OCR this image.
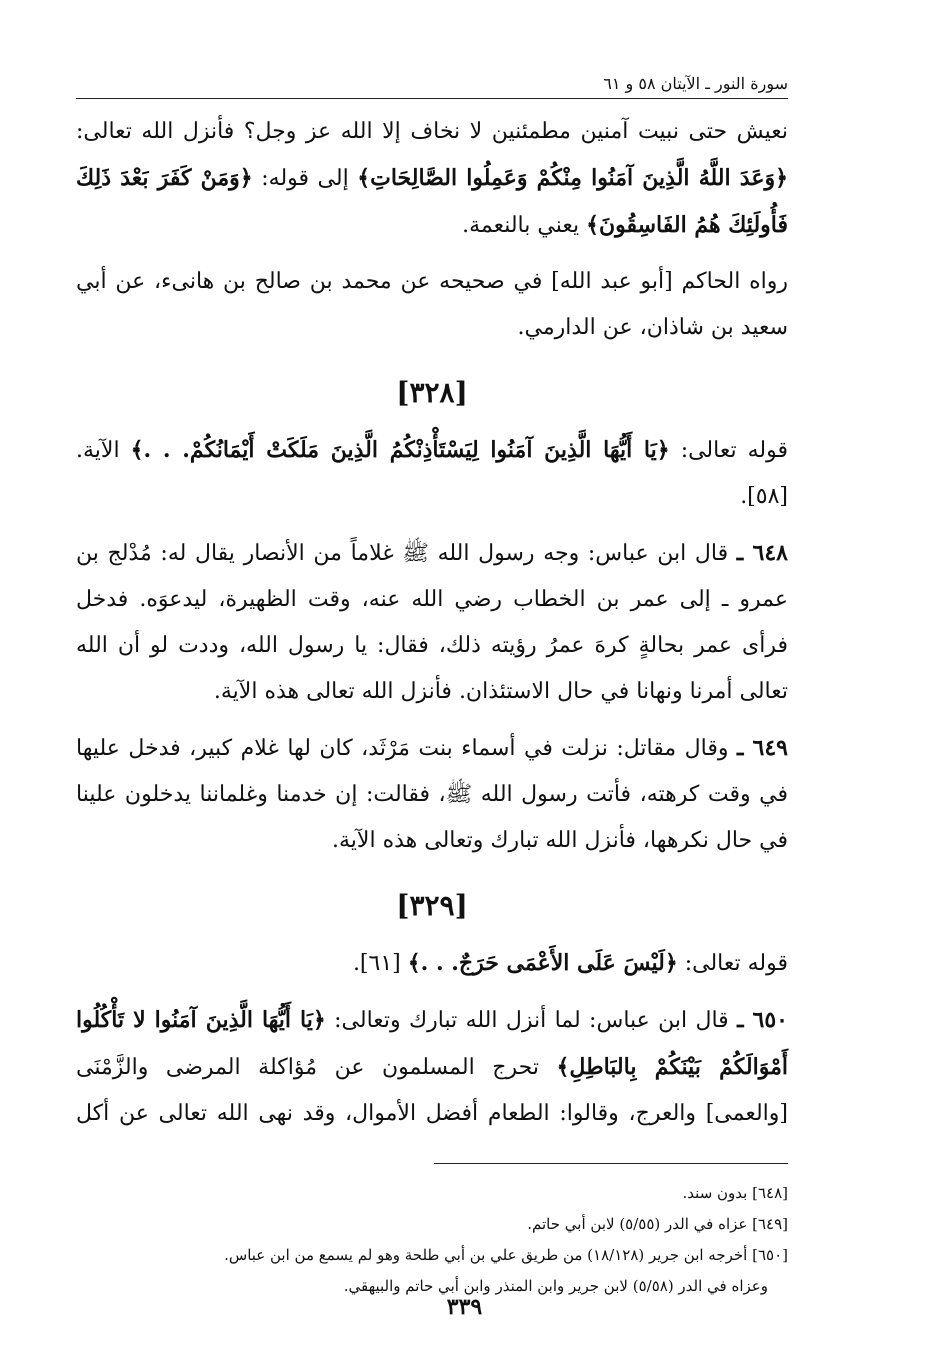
سورة النور ـ الآيتان ٥٨ و ٦١

نعيش حتى نبيت آمنين مطمئنين لا نخاف إلا الله عز وجل؟ فأنزل الله تعالى: ﴿وَعَدَ اللَّهُ الَّذِينَ آمَنُوا مِنْكُمْ وَعَمِلُوا الصَّالِحَاتِ﴾ إلى قوله: ﴿وَمَنْ كَفَرَ بَعْدَ ذَلِكَ فَأُولَئِكَ هُمُ الفَاسِقُونَ﴾ يعني بالنعمة.

رواه الحاكم [أبو عبد الله] في صحيحه عن محمد بن صالح بن هانىء، عن أبي سعيد بن شاذان، عن الدارمي.

[٣٢٨]

قوله تعالى: ﴿يَا أَيُّهَا الَّذِينَ آمَنُوا لِيَسْتَأْذِنْكُمُ الَّذِينَ مَلَكَتْ أَيْمَانُكُمْ. . .﴾ الآية. [٥٨].

٦٤٨ ـ قال ابن عباس: وجه رسول الله ﷺ غلاماً من الأنصار يقال له: مُدْلج بن عمرو ـ إلى عمر بن الخطاب رضي الله عنه، وقت الظهيرة، ليدعوَه. فدخل فرأى عمر بحالةٍ كرهَ عمرُ رؤيته ذلك، فقال: يا رسول الله، وددت لو أن الله تعالى أمرنا ونهانا في حال الاستئذان. فأنزل الله تعالى هذه الآية.

٦٤٩ ـ وقال مقاتل: نزلت في أسماء بنت مَرْثَد، كان لها غلام كبير، فدخل عليها في وقت كرهته، فأتت رسول الله ﷺ، فقالت: إن خدمنا وغلماننا يدخلون علينا في حال نكرهها، فأنزل الله تبارك وتعالى هذه الآية.

[٣٢٩]

قوله تعالى: ﴿لَيْسَ عَلَى الأَعْمَى حَرَجٌ. . .﴾ [٦١].

٦٥٠ ـ قال ابن عباس: لما أنزل الله تبارك وتعالى: ﴿يَا أَيُّهَا الَّذِينَ آمَنُوا لا تَأْكُلُوا أَمْوَالَكُمْ بَيْنَكُمْ بِالبَاطِلِ﴾ تحرج المسلمون عن مُؤاكلة المرضى والزَّمْنَى [والعمى] والعرج، وقالوا: الطعام أفضل الأموال، وقد نهى الله تعالى عن أكل

[٦٤٨] بدون سند.
[٦٤٩] عزاه في الدر (٥/٥٥) لابن أبي حاتم.
[٦٥٠] أخرجه ابن جرير (١٨/١٢٨) من طريق علي بن أبي طلحة وهو لم يسمع من ابن عباس.
وعزاه في الدر (٥/٥٨) لابن جرير وابن المنذر وابن أبي حاتم والبيهقي.
٣٣٩
